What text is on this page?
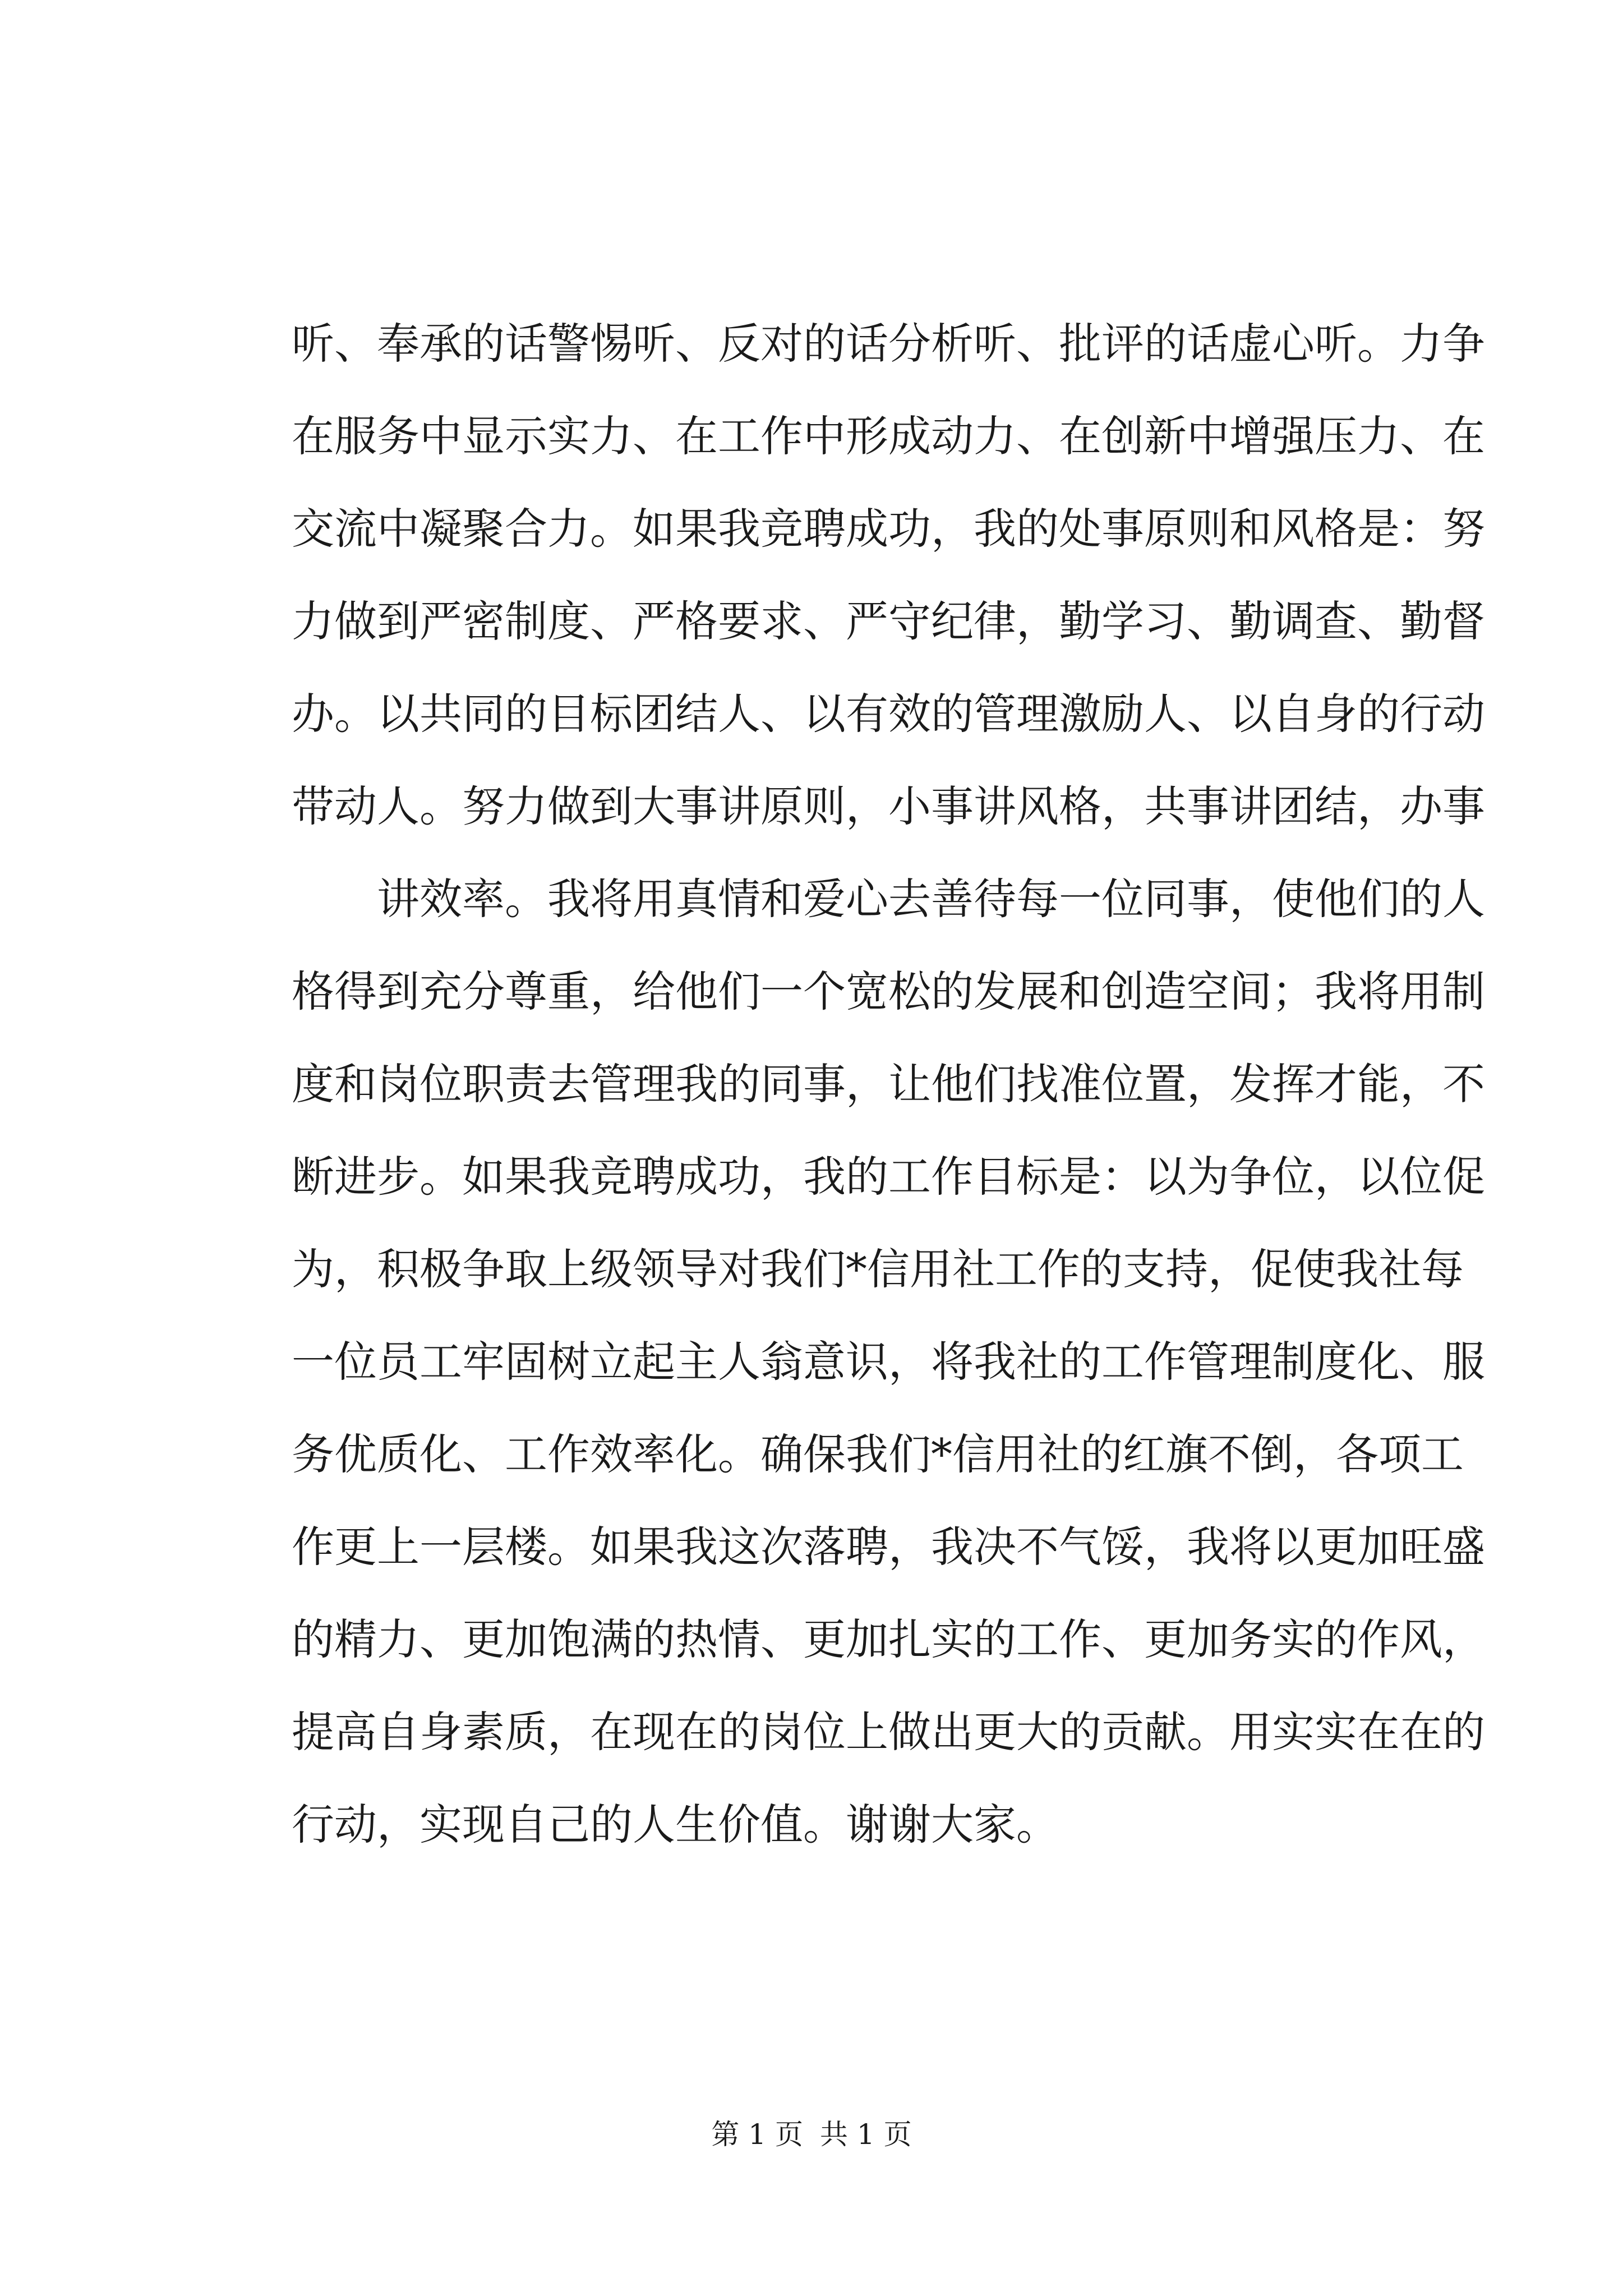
听、奉承的话警惕听、反对的话分析听、批评的话虚心听。力争
在服务中显示实力、在工作中形成动力、在创新中增强压力、在
交流中凝聚合力。如果我竞聘成功，我的处事原则和风格是：努
力做到严密制度、严格要求、严守纪律，勤学习、勤调查、勤督
办。以共同的目标团结人、以有效的管理激励人、以自身的行动
带动人。努力做到大事讲原则，小事讲风格，共事讲团结，办事
讲效率。我将用真情和爱心去善待每一位同事，使他们的人
格得到充分尊重，给他们一个宽松的发展和创造空间；我将用制
度和岗位职责去管理我的同事，让他们找准位置，发挥才能，不
断进步。如果我竞聘成功，我的工作目标是：以为争位，以位促
为，积极争取上级领导对我们*信用社工作的支持，促使我社每
一位员工牢固树立起主人翁意识，将我社的工作管理制度化、服
务优质化、工作效率化。确保我们*信用社的红旗不倒，各项工
作更上一层楼。如果我这次落聘，我决不气馁，我将以更加旺盛
的精力、更加饱满的热情、更加扎实的工作、更加务实的作风，
提高自身素质，在现在的岗位上做出更大的贡献。用实实在在的
行动，实现自己的人生价值。谢谢大家。
第 1 页 共 1 页
